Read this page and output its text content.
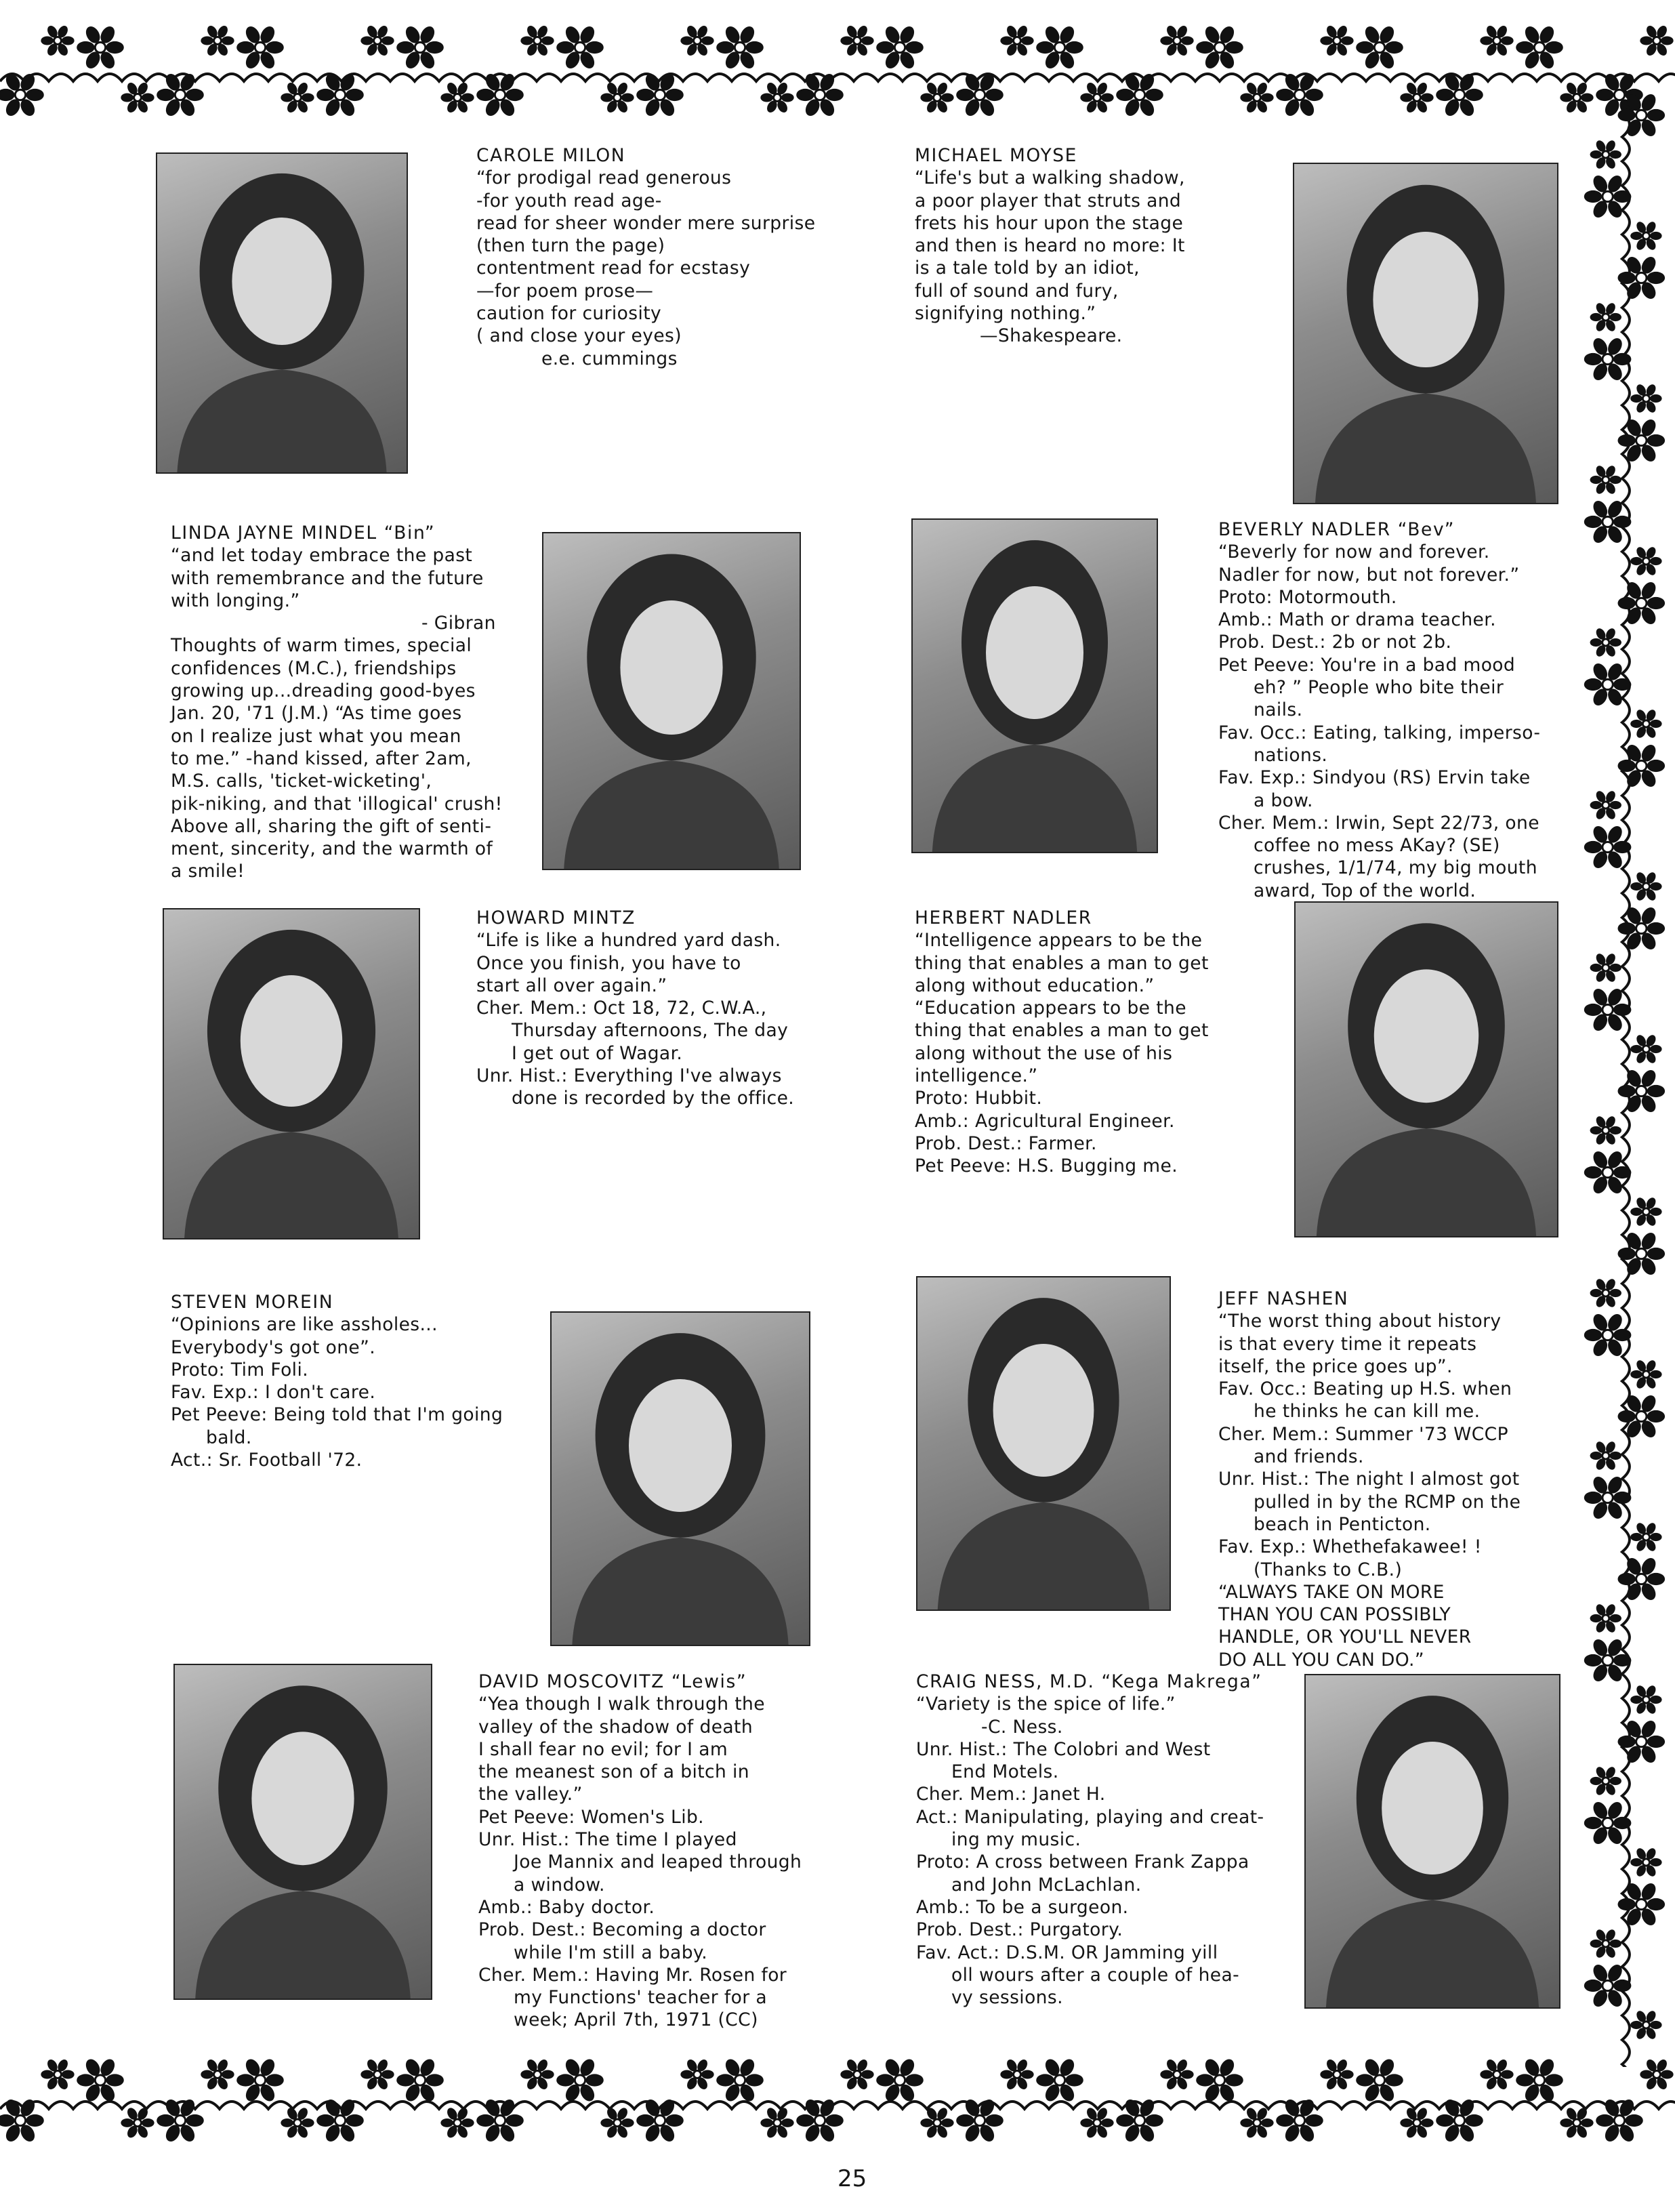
CAROLE MILON
“for prodigal read generous
-for youth read age-
read for sheer wonder mere surprise
(then turn the page)
contentment read for ecstasy
—for poem prose—
caution for curiosity
( and close your eyes)
e.e. cummings
MICHAEL MOYSE
“Life's but a walking shadow,
a poor player that struts and
frets his hour upon the stage
and then is heard no more: It
is a tale told by an idiot,
full of sound and fury,
signifying nothing.”
—Shakespeare.
LINDA JAYNE MINDEL “Bin”
“and let today embrace the past
with remembrance and the future
with longing.”
- Gibran
Thoughts of warm times, special
confidences (M.C.), friendships
growing up...dreading good-byes
Jan. 20, '71 (J.M.) “As time goes
on I realize just what you mean
to me.” -hand kissed, after 2am,
M.S. calls, 'ticket-wicketing',
pik-niking, and that 'illogical' crush!
Above all, sharing the gift of senti-
ment, sincerity, and the warmth of
a smile!
BEVERLY NADLER “Bev”
“Beverly for now and forever.
Nadler for now, but not forever.”
Proto: Motormouth.
Amb.: Math or drama teacher.
Prob. Dest.: 2b or not 2b.
Pet Peeve: You're in a bad mood
eh? ” People who bite their
nails.
Fav. Occ.: Eating, talking, imperso-
nations.
Fav. Exp.: Sindyou (RS) Ervin take
a bow.
Cher. Mem.: Irwin, Sept 22/73, one
coffee no mess AKay? (SE)
crushes, 1/1/74, my big mouth
award, Top of the world.
HOWARD MINTZ
“Life is like a hundred yard dash.
Once you finish, you have to
start all over again.”
Cher. Mem.: Oct 18, 72, C.W.A.,
Thursday afternoons, The day
I get out of Wagar.
Unr. Hist.: Everything I've always
done is recorded by the office.
HERBERT NADLER
“Intelligence appears to be the
thing that enables a man to get
along without education.”
“Education appears to be the
thing that enables a man to get
along without the use of his
intelligence.”
Proto: Hubbit.
Amb.: Agricultural Engineer.
Prob. Dest.: Farmer.
Pet Peeve: H.S. Bugging me.
STEVEN MOREIN
“Opinions are like assholes...
Everybody's got one”.
Proto: Tim Foli.
Fav. Exp.: I don't care.
Pet Peeve: Being told that I'm going
bald.
Act.: Sr. Football '72.
JEFF NASHEN
“The worst thing about history
is that every time it repeats
itself, the price goes up”.
Fav. Occ.: Beating up H.S. when
he thinks he can kill me.
Cher. Mem.: Summer '73 WCCP
and friends.
Unr. Hist.: The night I almost got
pulled in by the RCMP on the
beach in Penticton.
Fav. Exp.: Whethefakawee! !
(Thanks to C.B.)
“ALWAYS TAKE ON MORE
THAN YOU CAN POSSIBLY
HANDLE, OR YOU'LL NEVER
DO ALL YOU CAN DO.”
DAVID MOSCOVITZ “Lewis”
“Yea though I walk through the
valley of the shadow of death
I shall fear no evil; for I am
the meanest son of a bitch in
the valley.”
Pet Peeve: Women's Lib.
Unr. Hist.: The time I played
Joe Mannix and leaped through
a window.
Amb.: Baby doctor.
Prob. Dest.: Becoming a doctor
while I'm still a baby.
Cher. Mem.: Having Mr. Rosen for
my Functions' teacher for a
week; April 7th, 1971 (CC)
CRAIG NESS, M.D. “Kega Makrega”
“Variety is the spice of life.”
-C. Ness.
Unr. Hist.: The Colobri and West
End Motels.
Cher. Mem.: Janet H.
Act.: Manipulating, playing and creat-
ing my music.
Proto: A cross between Frank Zappa
and John McLachlan.
Amb.: To be a surgeon.
Prob. Dest.: Purgatory.
Fav. Act.: D.S.M. OR Jamming yill
oll wours after a couple of hea-
vy sessions.
25
